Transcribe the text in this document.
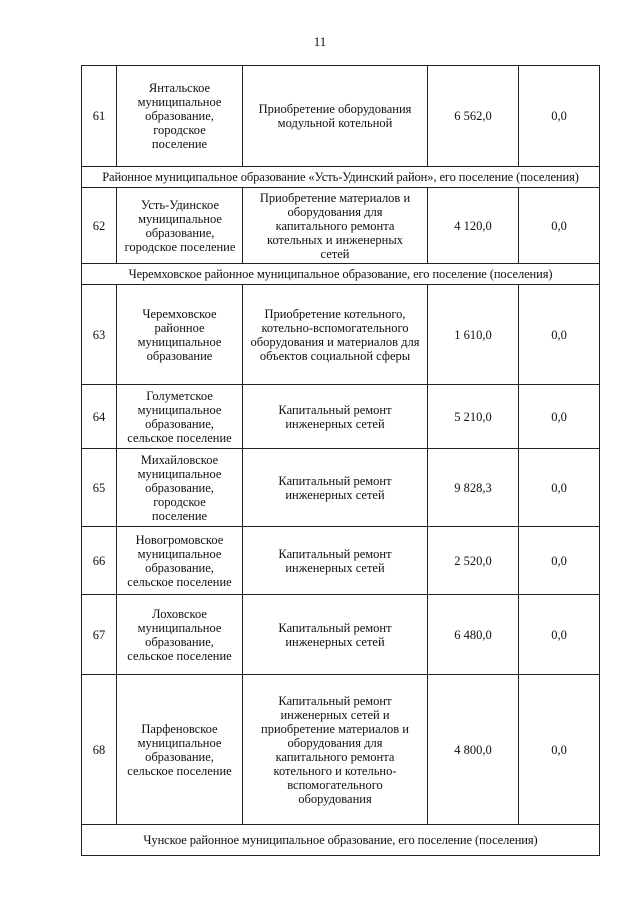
11
61	Янтальское муниципальное образование, городское поселение	Приобретение оборудования модульной котельной	6 562,0	0,0
Районное муниципальное образование «Усть-Удинский район», его поселение (поселения)				
62	Усть-Удинское муниципальное образование, городское поселение	Приобретение материалов и оборудования для капитального ремонта котельных и инженерных сетей	4 120,0	0,0
Черемховское районное муниципальное образование, его поселение (поселения)				
63	Черемховское районное муниципальное образование	Приобретение котельного, котельно-вспомогательного оборудования и материалов для объектов социальной сферы	1 610,0	0,0
64	Голуметское муниципальное образование, сельское поселение	Капитальный ремонт инженерных сетей	5 210,0	0,0
65	Михайловское муниципальное образование, городское поселение	Капитальный ремонт инженерных сетей	9 828,3	0,0
66	Новогромовское муниципальное образование, сельское поселение	Капитальный ремонт инженерных сетей	2 520,0	0,0
67	Лоховское муниципальное образование, сельское поселение	Капитальный ремонт инженерных сетей	6 480,0	0,0
68	Парфеновское муниципальное образование, сельское поселение	Капитальный ремонт инженерных сетей и приобретение материалов и оборудования для капитального ремонта котельного и котельно-вспомогательного оборудования	4 800,0	0,0
Чунское районное муниципальное образование, его поселение (поселения)				
